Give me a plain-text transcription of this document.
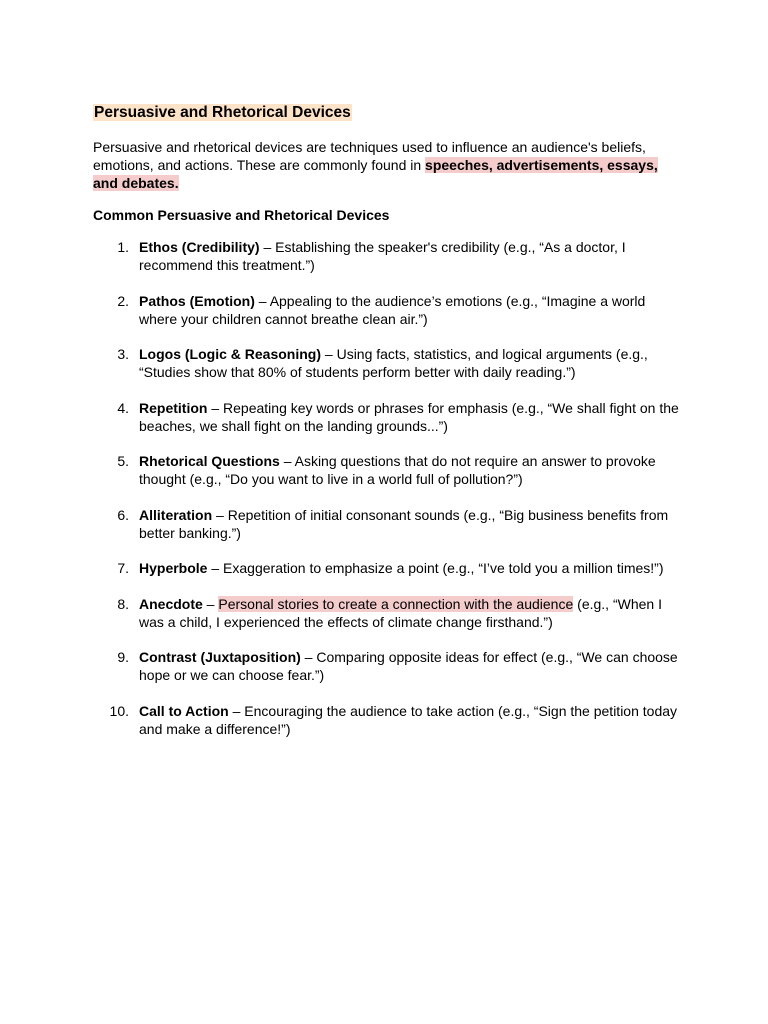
Persuasive and Rhetorical Devices

Persuasive and rhetorical devices are techniques used to influence an audience's beliefs, emotions, and actions. These are commonly found in speeches, advertisements, essays, and debates.

Common Persuasive and Rhetorical Devices

1. Ethos (Credibility) – Establishing the speaker's credibility (e.g., “As a doctor, I recommend this treatment.”)
2. Pathos (Emotion) – Appealing to the audience’s emotions (e.g., “Imagine a world where your children cannot breathe clean air.”)
3. Logos (Logic & Reasoning) – Using facts, statistics, and logical arguments (e.g., “Studies show that 80% of students perform better with daily reading.”)
4. Repetition – Repeating key words or phrases for emphasis (e.g., “We shall fight on the beaches, we shall fight on the landing grounds...”)
5. Rhetorical Questions – Asking questions that do not require an answer to provoke thought (e.g., “Do you want to live in a world full of pollution?”)
6. Alliteration – Repetition of initial consonant sounds (e.g., “Big business benefits from better banking.”)
7. Hyperbole – Exaggeration to emphasize a point (e.g., “I’ve told you a million times!”)
8. Anecdote – Personal stories to create a connection with the audience (e.g., “When I was a child, I experienced the effects of climate change firsthand.”)
9. Contrast (Juxtaposition) – Comparing opposite ideas for effect (e.g., “We can choose hope or we can choose fear.”)
10. Call to Action – Encouraging the audience to take action (e.g., “Sign the petition today and make a difference!”)
